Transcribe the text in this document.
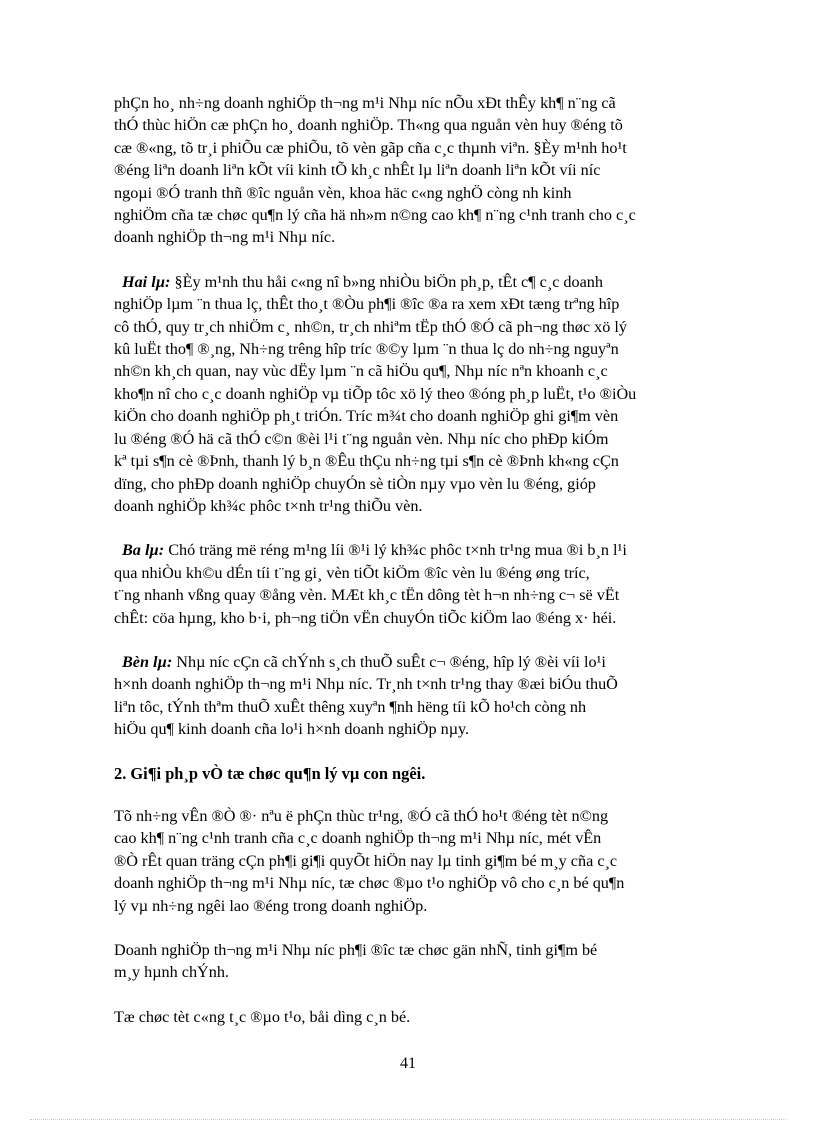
phÇn ho¸ nh÷ng doanh nghiÖp th¬ng m¹i Nhµ níc nÕu xÐt thÊy kh¶ n¨ng cã
thÓ thùc hiÖn cæ phÇn ho¸ doanh nghiÖp. Th«ng qua nguån vèn huy ®éng tõ
cæ ®«ng, tõ tr¸i phiÕu cæ phiÕu, tõ vèn gãp cña c¸c thµnh viªn. §Èy m¹nh ho¹t
®éng liªn doanh liªn kÕt víi kinh tÕ kh¸c nhÊt lµ liªn doanh liªn kÕt víi níc
ngoµi ®Ó tranh thñ ®îc nguån vèn, khoa häc c«ng nghÖ còng nh kinh
nghiÖm cña tæ chøc qu¶n lý cña hä nh»m n©ng cao kh¶ n¨ng c¹nh tranh cho c¸c
doanh nghiÖp th¬ng m¹i Nhµ níc.

Hai lµ: §Èy m¹nh thu håi c«ng nî b»ng nhiÒu biÖn ph¸p, tÊt c¶ c¸c doanh
nghiÖp lµm ¨n thua lç, thÊt tho¸t ®Òu ph¶i ®îc ®a ra xem xÐt tæng trªng hîp
cô thÓ, quy tr¸ch nhiÖm c¸ nh©n, tr¸ch nhiªm tËp thÓ ®Ó cã ph¬ng thøc xö lý
kû luËt tho¶ ®¸ng, Nh÷ng trêng hîp tríc ®©y lµm ¨n thua lç do nh÷ng nguyªn
nh©n kh¸ch quan, nay vùc dËy lµm ¨n cã hiÖu qu¶, Nhµ níc nªn khoanh c¸c
kho¶n nî cho c¸c doanh nghiÖp vµ tiÕp tôc xö lý theo ®óng ph¸p luËt, t¹o ®iÒu
kiÖn cho doanh nghiÖp ph¸t triÓn. Tríc m¾t cho doanh nghiÖp ghi gi¶m vèn
lu ®éng ®Ó hä cã thÓ c©n ®èi l¹i t¨ng nguån vèn. Nhµ níc cho phÐp kiÓm
kª tµi s¶n cè ®Þnh, thanh lý b¸n ®Êu thÇu nh÷ng tµi s¶n cè ®Þnh kh«ng cÇn
dïng, cho phÐp doanh nghiÖp chuyÓn sè tiÒn nµy vµo vèn lu ®éng, gióp
doanh nghiÖp kh¾c phôc t×nh tr¹ng thiÕu vèn.

Ba lµ: Chó träng më réng m¹ng líi ®¹i lý kh¾c phôc t×nh tr¹ng mua ®i b¸n l¹i
qua nhiÒu kh©u dÉn tíi t¨ng gi¸ vèn tiÕt kiÖm ®îc vèn lu ®éng øng tríc,
t¨ng nhanh vßng quay ®ång vèn. MÆt kh¸c tËn dông tèt h¬n nh÷ng c¬ së vËt
chÊt: cöa hµng, kho b·i, ph¬ng tiÖn vËn chuyÓn tiÕc kiÖm lao ®éng x· héi.

Bèn lµ: Nhµ níc cÇn cã chÝnh s¸ch thuÕ suÊt c¬ ®éng, hîp lý ®èi víi lo¹i
h×nh doanh nghiÖp th¬ng m¹i Nhµ níc. Tr¸nh t×nh tr¹ng thay ®æi biÓu thuÕ
liªn tôc, tÝnh thªm thuÕ xuÊt thêng xuyªn ¶nh hëng tíi kÕ ho¹ch còng nh
hiÖu qu¶ kinh doanh cña lo¹i h×nh doanh nghiÖp nµy.

2. Gi¶i ph¸p vÒ tæ chøc qu¶n lý vµ con ngêi.

Tõ nh÷ng vÊn ®Ò ®· nªu ë phÇn thùc tr¹ng, ®Ó cã thÓ ho¹t ®éng tèt n©ng
cao kh¶ n¨ng c¹nh tranh cña c¸c doanh nghiÖp th¬ng m¹i Nhµ níc, mét vÊn
®Ò rÊt quan träng cÇn ph¶i gi¶i quyÕt hiÖn nay lµ tinh gi¶m bé m¸y cña c¸c
doanh nghiÖp th¬ng m¹i Nhµ níc, tæ chøc ®µo t¹o nghiÖp vô cho c¸n bé qu¶n
lý vµ nh÷ng ngêi lao ®éng trong doanh nghiÖp.

Doanh nghiÖp th¬ng m¹i Nhµ níc ph¶i ®îc tæ chøc gän nhÑ, tinh gi¶m bé
m¸y hµnh chÝnh.

Tæ chøc tèt c«ng t¸c ®µo t¹o, båi dìng c¸n bé.

41
